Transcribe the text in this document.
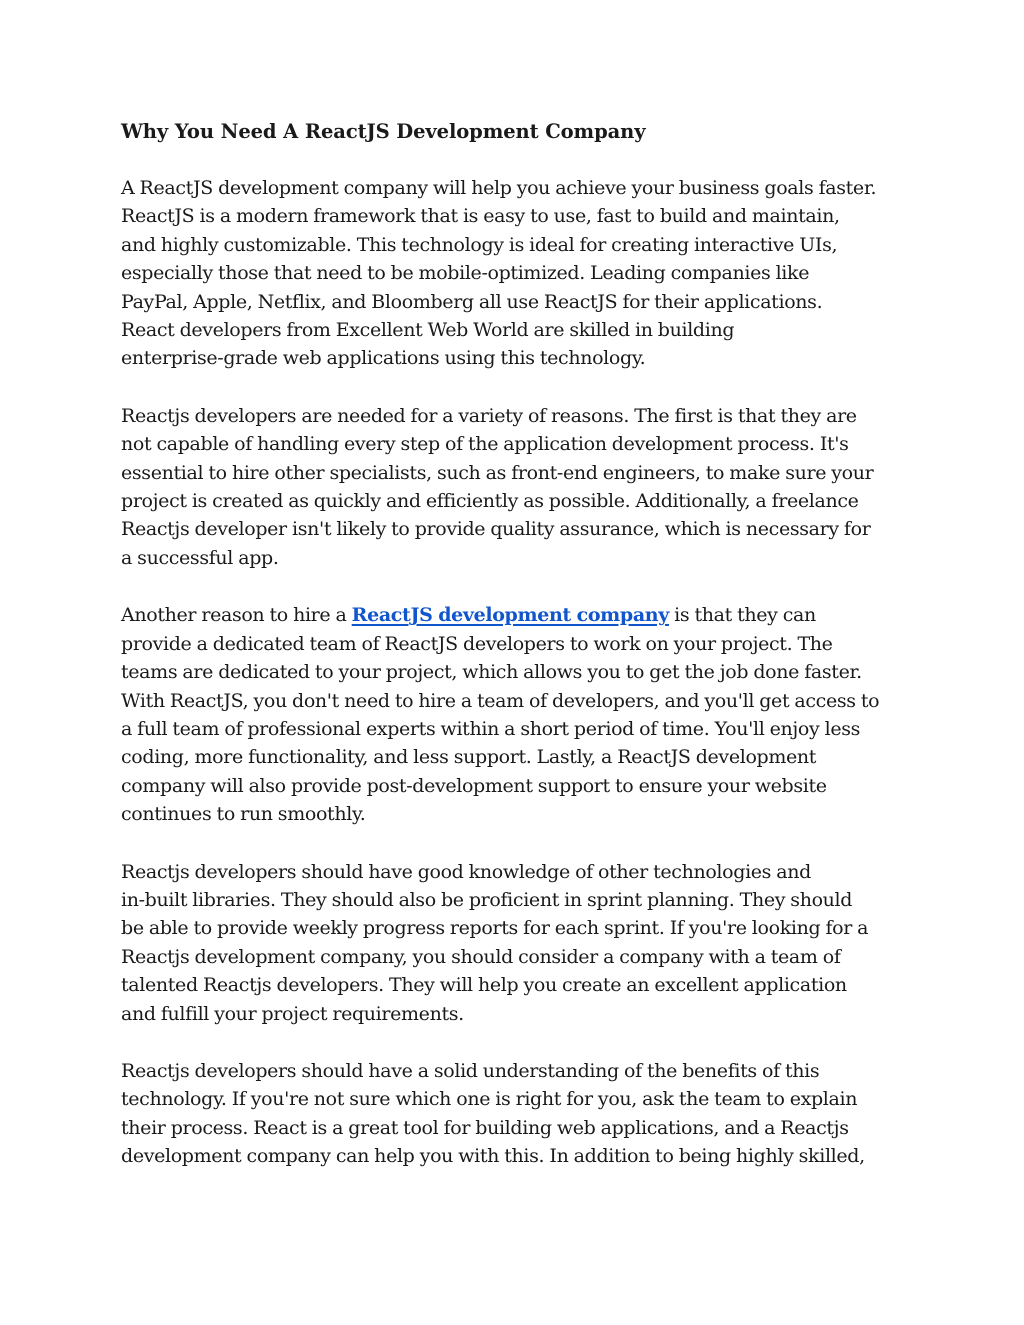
Why You Need A ReactJS Development Company

A ReactJS development company will help you achieve your business goals faster.
ReactJS is a modern framework that is easy to use, fast to build and maintain,
and highly customizable. This technology is ideal for creating interactive UIs,
especially those that need to be mobile-optimized. Leading companies like
PayPal, Apple, Netflix, and Bloomberg all use ReactJS for their applications.
React developers from Excellent Web World are skilled in building
enterprise-grade web applications using this technology.

Reactjs developers are needed for a variety of reasons. The first is that they are
not capable of handling every step of the application development process. It's
essential to hire other specialists, such as front-end engineers, to make sure your
project is created as quickly and efficiently as possible. Additionally, a freelance
Reactjs developer isn't likely to provide quality assurance, which is necessary for
a successful app.

Another reason to hire a ReactJS development company is that they can
provide a dedicated team of ReactJS developers to work on your project. The
teams are dedicated to your project, which allows you to get the job done faster.
With ReactJS, you don't need to hire a team of developers, and you'll get access to
a full team of professional experts within a short period of time. You'll enjoy less
coding, more functionality, and less support. Lastly, a ReactJS development
company will also provide post-development support to ensure your website
continues to run smoothly.

Reactjs developers should have good knowledge of other technologies and
in-built libraries. They should also be proficient in sprint planning. They should
be able to provide weekly progress reports for each sprint. If you're looking for a
Reactjs development company, you should consider a company with a team of
talented Reactjs developers. They will help you create an excellent application
and fulfill your project requirements.

Reactjs developers should have a solid understanding of the benefits of this
technology. If you're not sure which one is right for you, ask the team to explain
their process. React is a great tool for building web applications, and a Reactjs
development company can help you with this. In addition to being highly skilled,
